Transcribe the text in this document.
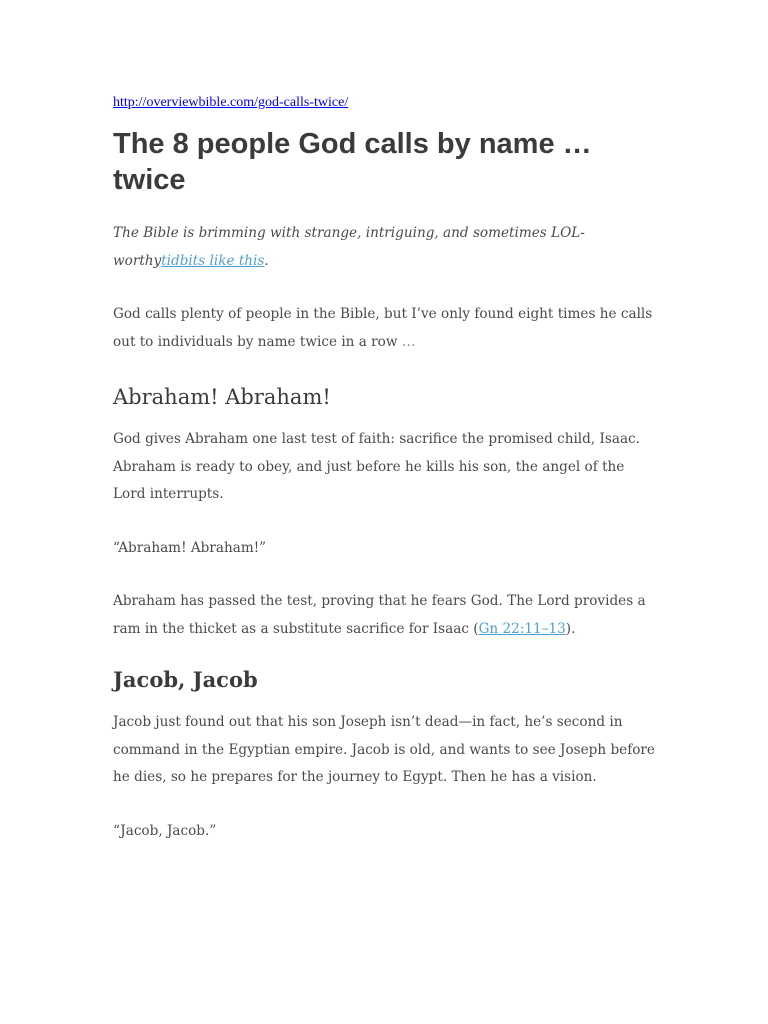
http://overviewbible.com/god-calls-twice/
The 8 people God calls by name … twice

The Bible is brimming with strange, intriguing, and sometimes LOL-worthytidbits like this.

God calls plenty of people in the Bible, but I’ve only found eight times he calls out to individuals by name twice in a row …

Abraham! Abraham!

God gives Abraham one last test of faith: sacrifice the promised child, Isaac. Abraham is ready to obey, and just before he kills his son, the angel of the Lord interrupts.

“Abraham! Abraham!”

Abraham has passed the test, proving that he fears God. The Lord provides a ram in the thicket as a substitute sacrifice for Isaac (Gn 22:11–13).

Jacob, Jacob

Jacob just found out that his son Joseph isn’t dead—in fact, he’s second in command in the Egyptian empire. Jacob is old, and wants to see Joseph before he dies, so he prepares for the journey to Egypt. Then he has a vision.

“Jacob, Jacob.”
